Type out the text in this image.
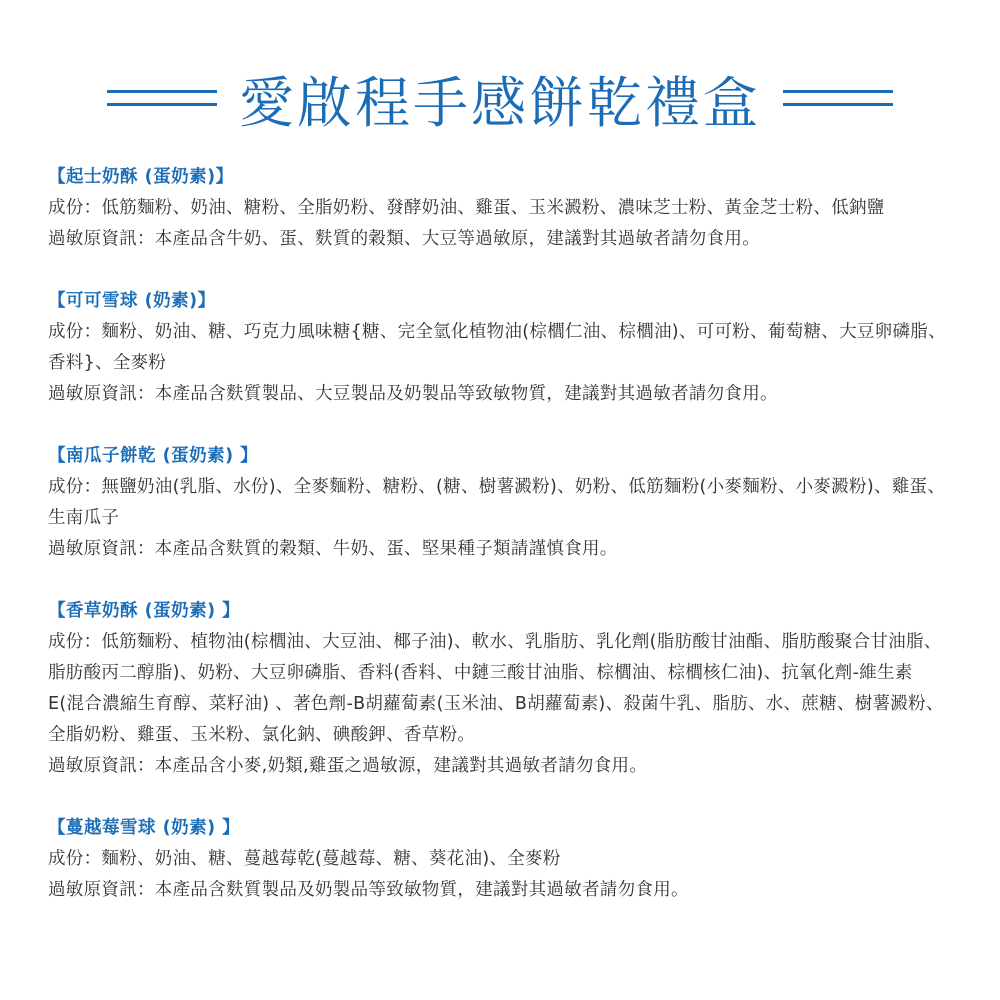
愛啟程手感餅乾禮盒
【起士奶酥 (蛋奶素)】
成份：低筋麵粉、奶油、糖粉、全脂奶粉、發酵奶油、雞蛋、玉米澱粉、濃味芝士粉、黃金芝士粉、低鈉鹽
過敏原資訊：本產品含牛奶、蛋、麩質的穀類、大豆等過敏原，建議對其過敏者請勿食用。
【可可雪球 (奶素)】
成份：麵粉、奶油、糖、巧克力風味糖{糖、完全氫化植物油(棕櫚仁油、棕櫚油)、可可粉、葡萄糖、大豆卵磷脂、香料}、全麥粉
過敏原資訊：本產品含麩質製品、大豆製品及奶製品等致敏物質，建議對其過敏者請勿食用。
【南瓜子餅乾 (蛋奶素) 】
成份：無鹽奶油(乳脂、水份)、全麥麵粉、糖粉、(糖、樹薯澱粉)、奶粉、低筋麵粉(小麥麵粉、小麥澱粉)、雞蛋、生南瓜子
過敏原資訊：本產品含麩質的穀類、牛奶、蛋、堅果種子類請謹慎食用。
【香草奶酥 (蛋奶素) 】
成份：低筋麵粉、植物油(棕櫚油、大豆油、椰子油)、軟水、乳脂肪、乳化劑(脂肪酸甘油酯、脂肪酸聚合甘油脂、脂肪酸丙二醇脂)、奶粉、大豆卵磷脂、香料(香料、中鏈三酸甘油脂、棕櫚油、棕櫚核仁油)、抗氧化劑-維生素E(混合濃縮生育醇、菜籽油) 、著色劑-B胡蘿蔔素(玉米油、B胡蘿蔔素)、殺菌牛乳、脂肪、水、蔗糖、樹薯澱粉、全脂奶粉、雞蛋、玉米粉、氯化鈉、碘酸鉀、香草粉。
過敏原資訊：本產品含小麥,奶類,雞蛋之過敏源，建議對其過敏者請勿食用。
【蔓越莓雪球 (奶素) 】
成份：麵粉、奶油、糖、蔓越莓乾(蔓越莓、糖、葵花油)、全麥粉
過敏原資訊：本產品含麩質製品及奶製品等致敏物質，建議對其過敏者請勿食用。
